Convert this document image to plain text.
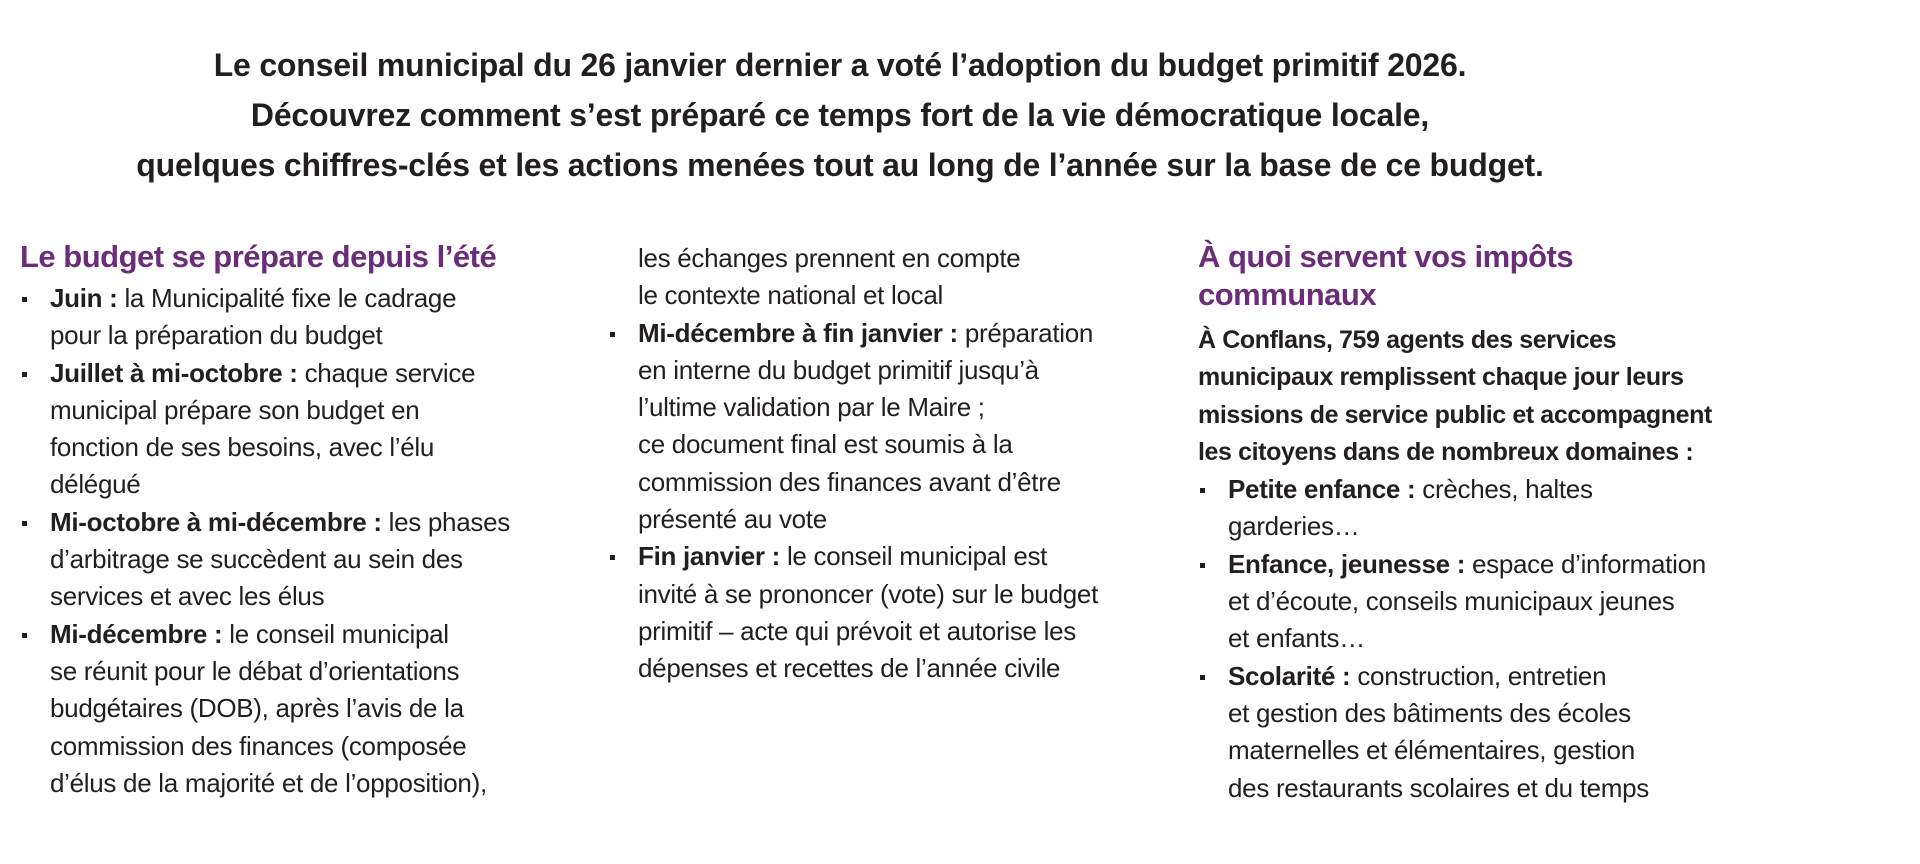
Le conseil municipal du 26 janvier dernier a voté l’adoption du budget primitif 2026.
Découvrez comment s’est préparé ce temps fort de la vie démocratique locale,
quelques chiffres-clés et les actions menées tout au long de l’année sur la base de ce budget.
Le budget se prépare depuis l’été
Juin : la Municipalité fixe le cadrage
pour la préparation du budget
Juillet à mi-octobre : chaque service
municipal prépare son budget en
fonction de ses besoins, avec l’élu
délégué
Mi-octobre à mi-décembre : les phases
d’arbitrage se succèdent au sein des
services et avec les élus
Mi-décembre : le conseil municipal
se réunit pour le débat d’orientations
budgétaires (DOB), après l’avis de la
commission des finances (composée
d’élus de la majorité et de l’opposition),
les échanges prennent en compte
le contexte national et local
Mi-décembre à fin janvier : préparation
en interne du budget primitif jusqu’à
l’ultime validation par le Maire ;
ce document final est soumis à la
commission des finances avant d’être
présenté au vote
Fin janvier : le conseil municipal est
invité à se prononcer (vote) sur le budget
primitif – acte qui prévoit et autorise les
dépenses et recettes de l’année civile
À quoi servent vos impôts
communaux
À Conflans, 759 agents des services
municipaux remplissent chaque jour leurs
missions de service public et accompagnent
les citoyens dans de nombreux domaines :
Petite enfance : crèches, haltes
garderies…
Enfance, jeunesse : espace d’information
et d’écoute, conseils municipaux jeunes
et enfants…
Scolarité : construction, entretien
et gestion des bâtiments des écoles
maternelles et élémentaires, gestion
des restaurants scolaires et du temps
